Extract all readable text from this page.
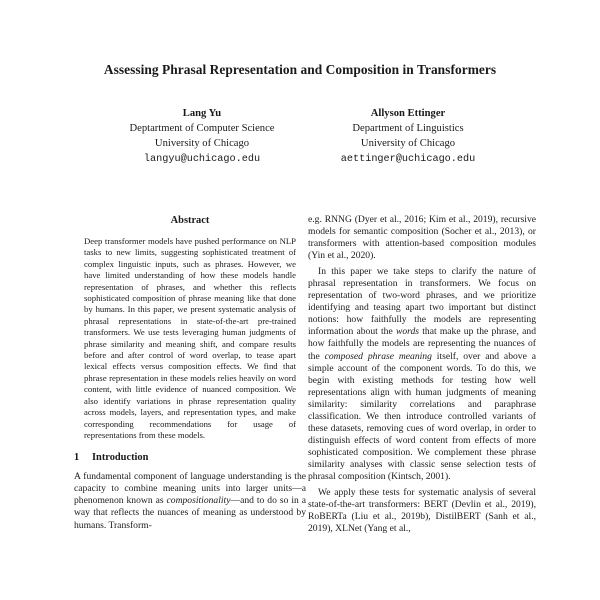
Assessing Phrasal Representation and Composition in Transformers
Lang Yu
Deptartment of Computer Science
University of Chicago
langyu@uchicago.edu
Allyson Ettinger
Department of Linguistics
University of Chicago
aettinger@uchicago.edu
Abstract
Deep transformer models have pushed performance on NLP tasks to new limits, suggesting sophisticated treatment of complex linguistic inputs, such as phrases. However, we have limited understanding of how these models handle representation of phrases, and whether this reflects sophisticated composition of phrase meaning like that done by humans. In this paper, we present systematic analysis of phrasal representations in state-of-the-art pre-trained transformers. We use tests leveraging human judgments of phrase similarity and meaning shift, and compare results before and after control of word overlap, to tease apart lexical effects versus composition effects. We find that phrase representation in these models relies heavily on word content, with little evidence of nuanced composition. We also identify variations in phrase representation quality across models, layers, and representation types, and make corresponding recommendations for usage of representations from these models.
1 Introduction

A fundamental component of language understanding is the capacity to combine meaning units into larger units—a phenomenon known as compositionality—and to do so in a way that reflects the nuances of meaning as understood by humans. Transform-

e.g. RNNG (Dyer et al., 2016; Kim et al., 2019), recursive models for semantic composition (Socher et al., 2013), or transformers with attention-based composition modules (Yin et al., 2020).

In this paper we take steps to clarify the nature of phrasal representation in transformers. We focus on representation of two-word phrases, and we prioritize identifying and teasing apart two important but distinct notions: how faithfully the models are representing information about the words that make up the phrase, and how faithfully the models are representing the nuances of the composed phrase meaning itself, over and above a simple account of the component words. To do this, we begin with existing methods for testing how well representations align with human judgments of meaning similarity: similarity correlations and paraphrase classification. We then introduce controlled variants of these datasets, removing cues of word overlap, in order to distinguish effects of word content from effects of more sophisticated composition. We complement these phrase similarity analyses with classic sense selection tests of phrasal composition (Kintsch, 2001).

We apply these tests for systematic analysis of several state-of-the-art transformers: BERT (Devlin et al., 2019), RoBERTa (Liu et al., 2019b), DistilBERT (Sanh et al., 2019), XLNet (Yang et al.,
